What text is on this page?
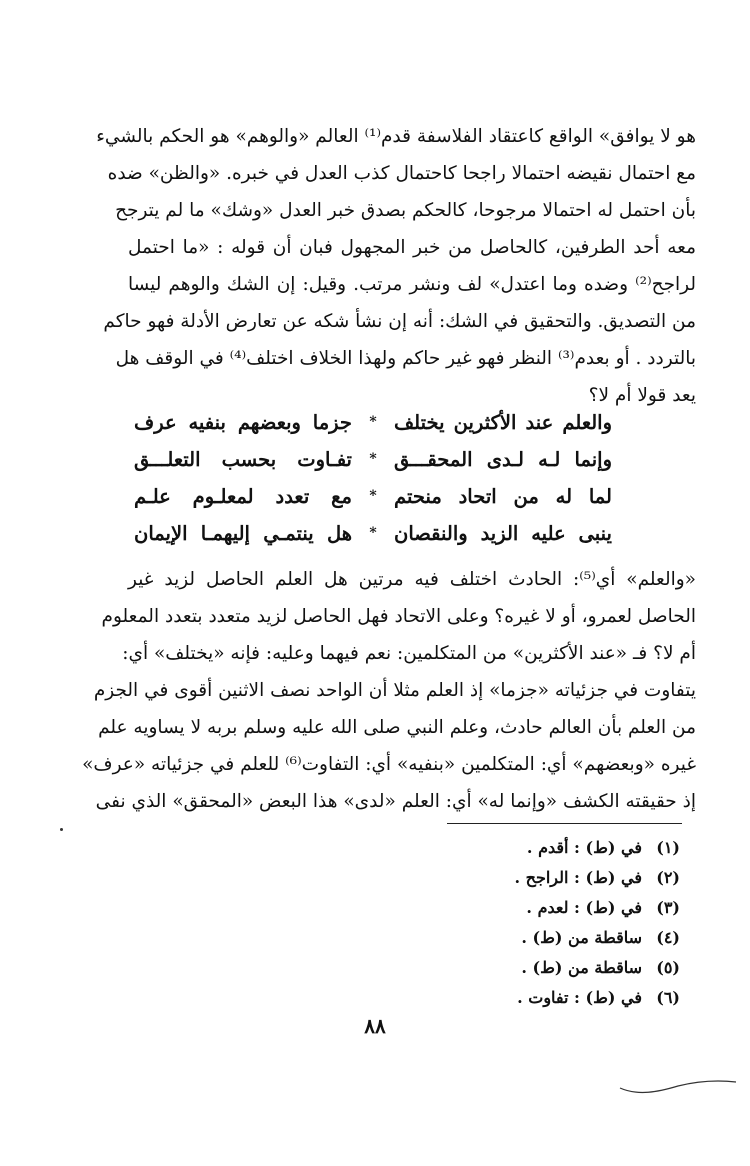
هو لا يوافق» الواقع كاعتقاد الفلاسفة قدم⁽¹⁾ العالم «والوهم» هو الحكم بالشيء
مع احتمال نقيضه احتمالا راجحا كاحتمال كذب العدل في خبره. «والظن» ضده
بأن احتمل له احتمالا مرجوحا، كالحكم بصدق خبر العدل «وشك» ما لم يترجح
معه أحد الطرفين، كالحاصل من خبر المجهول فبان أن قوله : «ما احتمل
لراجح⁽²⁾ وضده وما اعتدل» لف ونشر مرتب. وقيل: إن الشك والوهم ليسا
من التصديق. والتحقيق في الشك: أنه إن نشأ شكه عن تعارض الأدلة فهو حاكم
بالتردد . أو بعدم⁽³⁾ النظر فهو غير حاكم ولهذا الخلاف اختلف⁽⁴⁾ في الوقف هل
يعد قولا أم لا؟
والعلم عند الأكثرين يختلف
*
جزما وبعضهم بنفيه عرف
وإنما لـه لـدى المحقـــق
*
تفـاوت بحسب التعلـــق
لما له من اتحاد منحتم
*
مع تعدد لمعلـوم علـم
ينبى عليه الزيد والنقصان
*
هل ينتمـي إليهمـا الإيمان
«والعلم» أي⁽⁵⁾: الحادث اختلف فيه مرتين هل العلم الحاصل لزيد غير
الحاصل لعمرو، أو لا غيره؟ وعلى الاتحاد فهل الحاصل لزيد متعدد بتعدد المعلوم
أم لا؟ فـ «عند الأكثرين» من المتكلمين: نعم فيهما وعليه: فإنه «يختلف» أي:
يتفاوت في جزئياته «جزما» إذ العلم مثلا أن الواحد نصف الاثنين أقوى في الجزم
من العلم بأن العالم حادث، وعلم النبي صلى الله عليه وسلم بربه لا يساويه علم
غيره «وبعضهم» أي: المتكلمين «بنفيه» أي: التفاوت⁽⁶⁾ للعلم في جزئياته «عرف»
إذ حقيقته الكشف «وإنما له» أي: العلم «لدى» هذا البعض «المحقق» الذي نفى
(١)
في (ط) : أقدم .
(٢)
في (ط) : الراجح .
(٣)
في (ط) : لعدم .
(٤)
ساقطة من (ط) .
(٥)
ساقطة من (ط) .
(٦)
في (ط) : تفاوت .
٨٨
